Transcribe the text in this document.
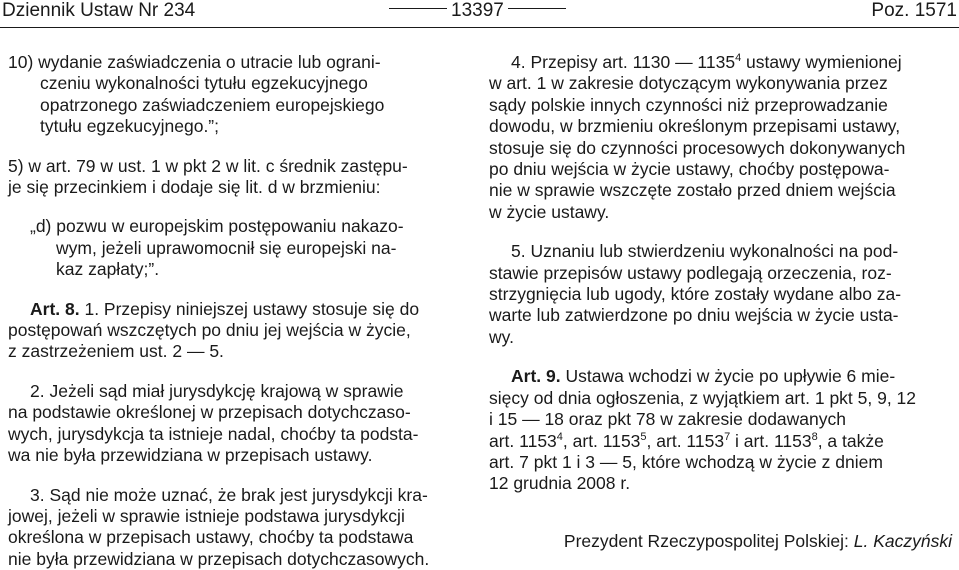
Dziennik Ustaw Nr 234	13397	Poz. 1571
10) wydanie zaświadczenia o utracie lub ograni-
czeniu wykonalności tytułu egzekucyjnego
opatrzonego zaświadczeniem europejskiego
tytułu egzekucyjnego.”;
5) w art. 79 w ust. 1 w pkt 2 w lit. c średnik zastępu-
je się przecinkiem i dodaje się lit. d w brzmieniu:
„d) pozwu w europejskim postępowaniu nakazo-
wym, jeżeli uprawomocnił się europejski na-
kaz zapłaty;”.
Art. 8. 1. Przepisy niniejszej ustawy stosuje się do
postępowań wszczętych po dniu jej wejścia w życie,
z zastrzeżeniem ust. 2 — 5.
2. Jeżeli sąd miał jurysdykcję krajową w sprawie
na podstawie określonej w przepisach dotychczaso-
wych, jurysdykcja ta istnieje nadal, choćby ta podsta-
wa nie była przewidziana w przepisach ustawy.
3. Sąd nie może uznać, że brak jest jurysdykcji kra-
jowej, jeżeli w sprawie istnieje podstawa jurysdykcji
określona w przepisach ustawy, choćby ta podstawa
nie była przewidziana w przepisach dotychczasowych.
4. Przepisy art. 1130 — 1135$^4$ ustawy wymienionej
w art. 1 w zakresie dotyczącym wykonywania przez
sądy polskie innych czynności niż przeprowadzanie
dowodu, w brzmieniu określonym przepisami ustawy,
stosuje się do czynności procesowych dokonywanych
po dniu wejścia w życie ustawy, choćby postępowa-
nie w sprawie wszczęte zostało przed dniem wejścia
w życie ustawy.
5. Uznaniu lub stwierdzeniu wykonalności na pod-
stawie przepisów ustawy podlegają orzeczenia, roz-
strzygnięcia lub ugody, które zostały wydane albo za-
warte lub zatwierdzone po dniu wejścia w życie usta-
wy.
Art. 9. Ustawa wchodzi w życie po upływie 6 mie-
sięcy od dnia ogłoszenia, z wyjątkiem art. 1 pkt 5, 9, 12
i 15 — 18 oraz pkt 78 w zakresie dodawanych
art. 1153$^4$, art. 1153$^5$, art. 1153$^7$ i art. 1153$^8$, a także
art. 7 pkt 1 i 3 — 5, które wchodzą w życie z dniem
12 grudnia 2008 r.
Prezydent Rzeczypospolitej Polskiej: L. Kaczyński
